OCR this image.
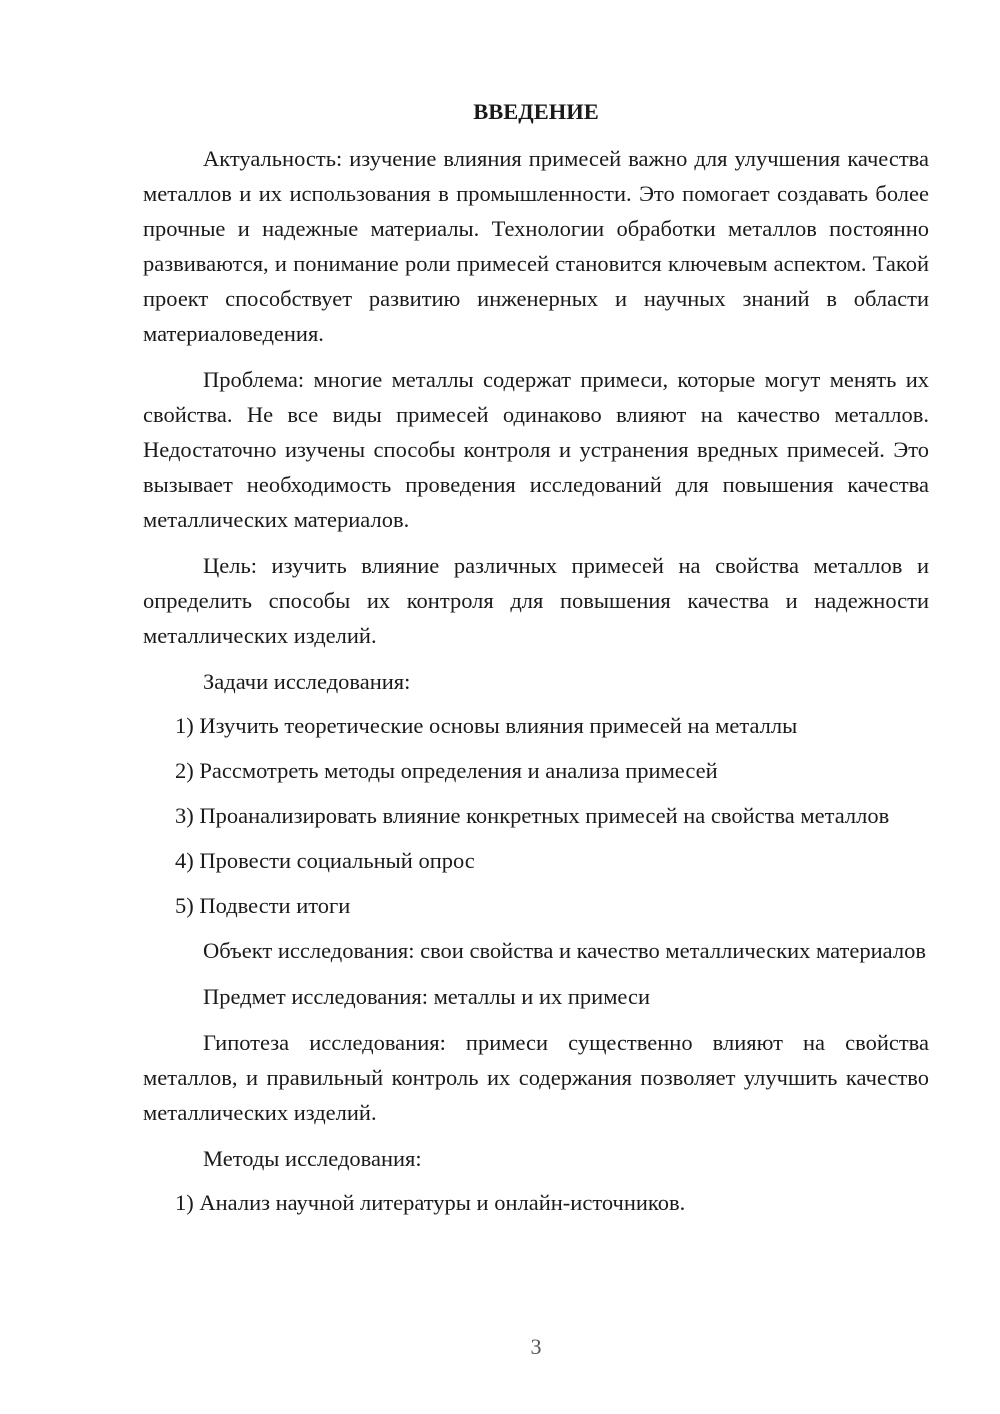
ВВЕДЕНИЕ
Актуальность: изучение влияния примесей важно для улучшения качества металлов и их использования в промышленности. Это помогает создавать более прочные и надежные материалы. Технологии обработки металлов постоянно развиваются, и понимание роли примесей становится ключевым аспектом. Такой проект способствует развитию инженерных и научных знаний в области материаловедения.
Проблема: многие металлы содержат примеси, которые могут менять их свойства. Не все виды примесей одинаково влияют на качество металлов. Недостаточно изучены способы контроля и устранения вредных примесей. Это вызывает необходимость проведения исследований для повышения качества металлических материалов.
Цель: изучить влияние различных примесей на свойства металлов и определить способы их контроля для повышения качества и надежности металлических изделий.
Задачи исследования:
1) Изучить теоретические основы влияния примесей на металлы
2) Рассмотреть методы определения и анализа примесей
3) Проанализировать влияние конкретных примесей на свойства металлов
4) Провести социальный опрос
5) Подвести итоги
Объект исследования: свои свойства и качество металлических материалов
Предмет исследования: металлы и их примеси
Гипотеза исследования: примеси существенно влияют на свойства металлов, и правильный контроль их содержания позволяет улучшить качество металлических изделий.
Методы исследования:
1) Анализ научной литературы и онлайн-источников.
3
